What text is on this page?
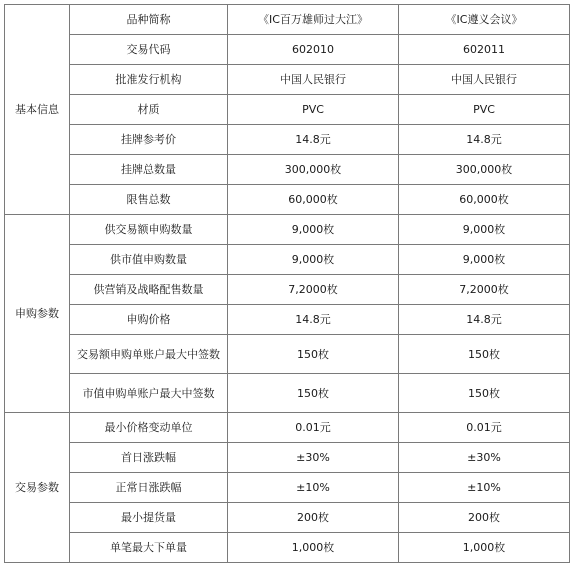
基本信息	品种简称	《IC百万雄师过大江》	《IC遵义会议》
	交易代码	602010	602011
	批准发行机构	中国人民银行	中国人民银行
	材质	PVC	PVC
	挂牌参考价	14.8元	14.8元
	挂牌总数量	300,000枚	300,000枚
	限售总数	60,000枚	60,000枚
申购参数	供交易额申购数量	9,000枚	9,000枚
	供市值申购数量	9,000枚	9,000枚
	供营销及战略配售数量	7,2000枚	7,2000枚
	申购价格	14.8元	14.8元
	交易额申购单账户最大中签数	150枚	150枚
	市值申购单账户最大中签数	150枚	150枚
交易参数	最小价格变动单位	0.01元	0.01元
	首日涨跌幅	±30%	±30%
	正常日涨跌幅	±10%	±10%
	最小提货量	200枚	200枚
	单笔最大下单量	1,000枚	1,000枚
